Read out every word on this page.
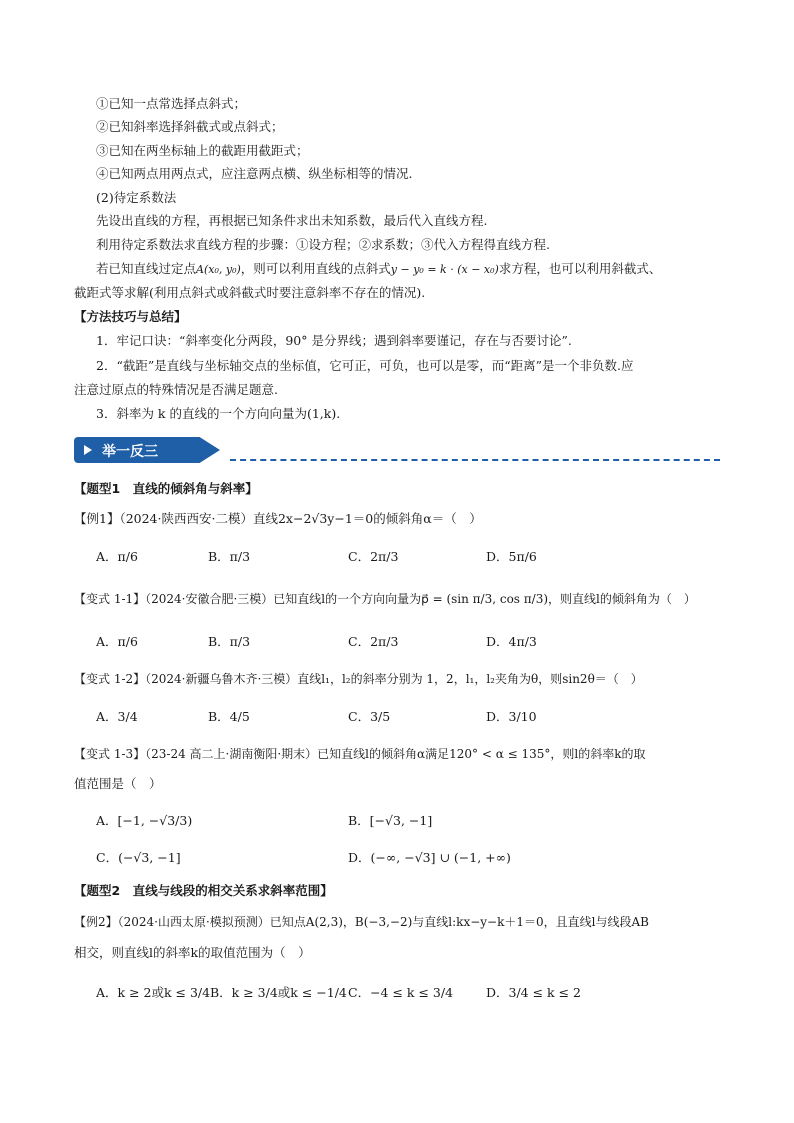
①已知一点常选择点斜式；
②已知斜率选择斜截式或点斜式；
③已知在两坐标轴上的截距用截距式；
④已知两点用两点式，应注意两点横、纵坐标相等的情况.
(2)待定系数法
先设出直线的方程，再根据已知条件求出未知系数，最后代入直线方程.
利用待定系数法求直线方程的步骤：①设方程；②求系数；③代入方程得直线方程.
若已知直线过定点A(x₀, y₀)，则可以利用直线的点斜式y − y₀ = k · (x − x₀)求方程，也可以利用斜截式、
截距式等求解(利用点斜式或斜截式时要注意斜率不存在的情况).
【方法技巧与总结】
1．牢记口诀：“斜率变化分两段，90° 是分界线；遇到斜率要谨记，存在与否要讨论”.
2．“截距”是直线与坐标轴交点的坐标值，它可正，可负，也可以是零，而“距离”是一个非负数.应
注意过原点的特殊情况是否满足题意.
3．斜率为 k 的直线的一个方向向量为(1,k).
举一反三
【题型1　直线的倾斜角与斜率】
【例1】（2024·陕西西安·二模）直线2x−2√3y−1＝0的倾斜角α＝（　）
A．π/6	B．π/3	C．2π/3	D．5π/6
【变式 1-1】（2024·安徽合肥·三模）已知直线l的一个方向向量为p⃗ = (sin π/3, cos π/3)，则直线l的倾斜角为（　）
A．π/6	B．π/3	C．2π/3	D．4π/3
【变式 1-2】（2024·新疆乌鲁木齐·三模）直线l₁，l₂的斜率分别为 1，2，l₁，l₂夹角为θ，则sin2θ＝（　）
A．3/4	B．4/5	C．3/5	D．3/10
【变式 1-3】（23-24 高二上·湖南衡阳·期末）已知直线l的倾斜角α满足120° < α ≤ 135°，则l的斜率k的取
值范围是（　）
A．[−1, −√3/3)	B．[−√3, −1]
C．(−√3, −1]	D．(−∞, −√3] ∪ (−1, +∞)
【题型2　直线与线段的相交关系求斜率范围】
【例2】（2024·山西太原·模拟预测）已知点A(2,3)，B(−3,−2)与直线l:kx−y−k＋1＝0，且直线l与线段AB
相交，则直线l的斜率k的取值范围为（　）
A．k ≥ 2或k ≤ 3/4 B．k ≥ 3/4或k ≤ −1/4 C．−4 ≤ k ≤ 3/4	D．3/4 ≤ k ≤ 2
